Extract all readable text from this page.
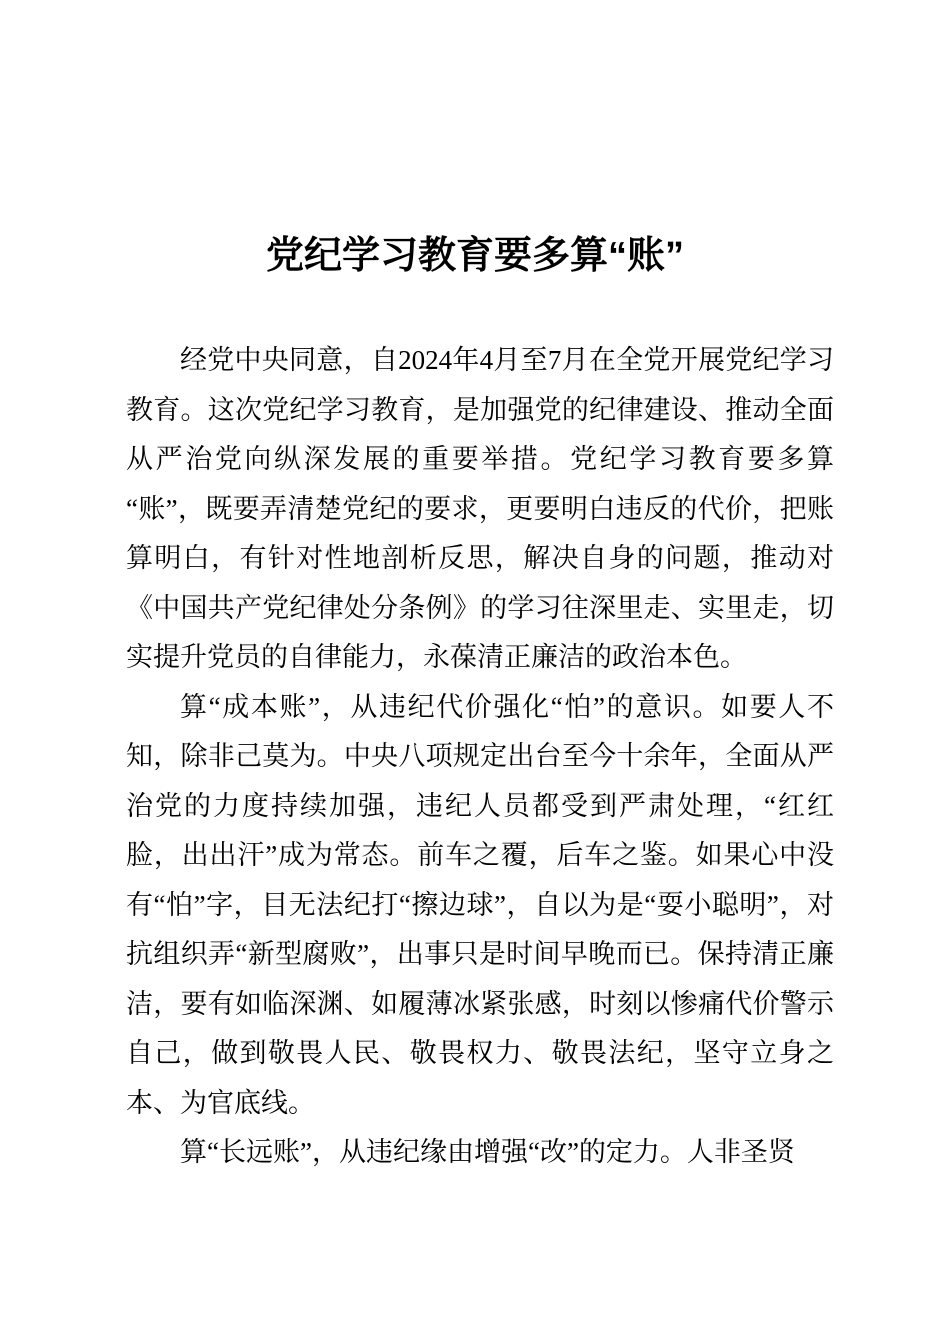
党纪学习教育要多算“账”

经党中央同意，自2024年4月至7月在全党开展党纪学习教育。这次党纪学习教育，是加强党的纪律建设、推动全面从严治党向纵深发展的重要举措。党纪学习教育要多算“账”，既要弄清楚党纪的要求，更要明白违反的代价，把账算明白，有针对性地剖析反思，解决自身的问题，推动对《中国共产党纪律处分条例》的学习往深里走、实里走，切实提升党员的自律能力，永葆清正廉洁的政治本色。

算“成本账”，从违纪代价强化“怕”的意识。如要人不知，除非己莫为。中央八项规定出台至今十余年，全面从严治党的力度持续加强，违纪人员都受到严肃处理，“红红脸，出出汗”成为常态。前车之覆，后车之鉴。如果心中没有“怕”字，目无法纪打“擦边球”，自以为是“耍小聪明”，对抗组织弄“新型腐败”，出事只是时间早晚而已。保持清正廉洁，要有如临深渊、如履薄冰紧张感，时刻以惨痛代价警示自己，做到敬畏人民、敬畏权力、敬畏法纪，坚守立身之本、为官底线。

算“长远账”，从违纪缘由增强“改”的定力。人非圣贤
